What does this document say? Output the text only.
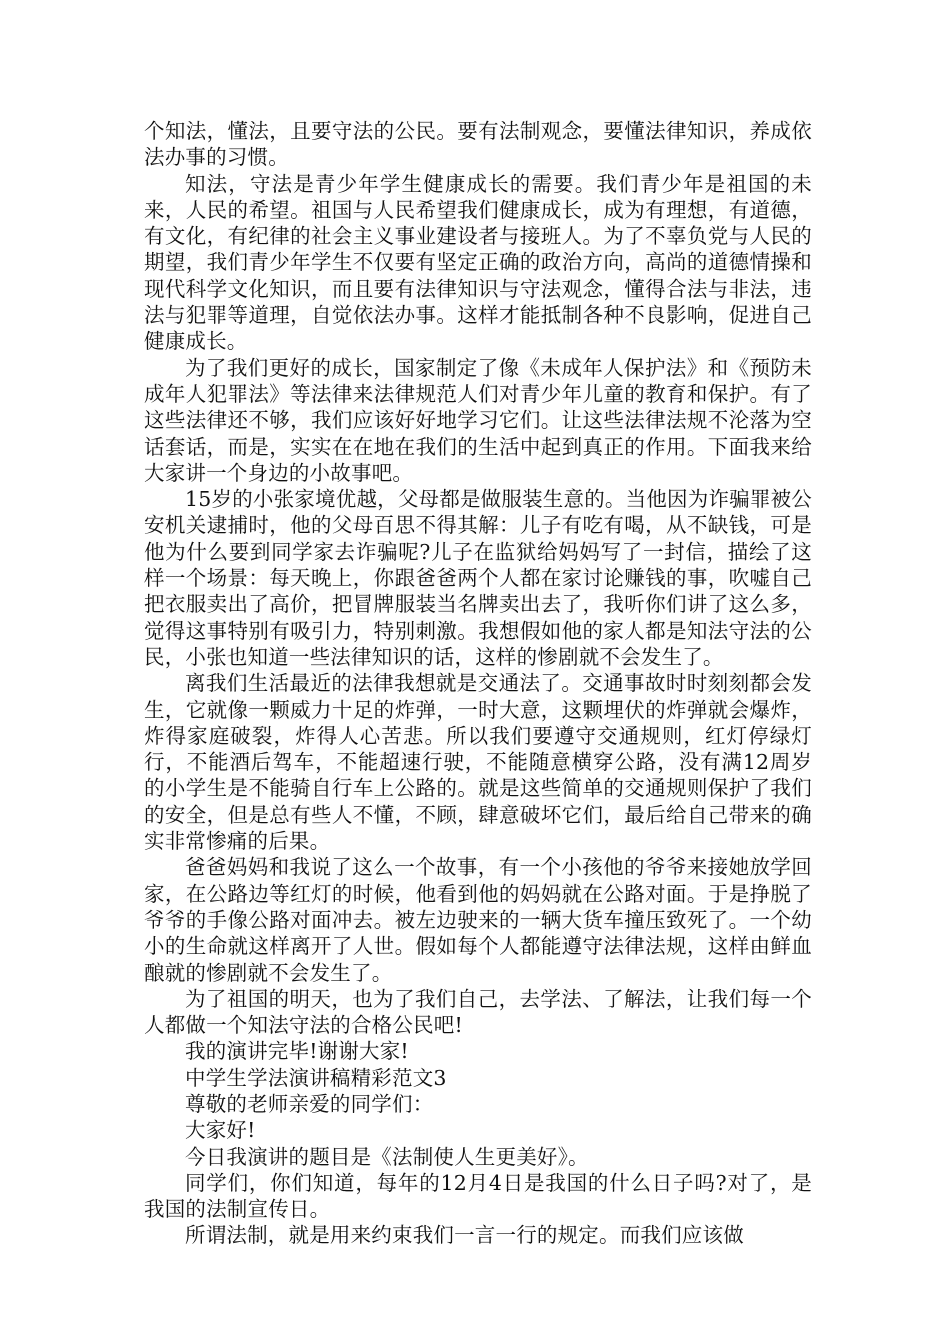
个知法，懂法，且要守法的公民。要有法制观念，要懂法律知识，养成依法办事的习惯。

知法，守法是青少年学生健康成长的需要。我们青少年是祖国的未来，人民的希望。祖国与人民希望我们健康成长，成为有理想，有道德，有文化，有纪律的社会主义事业建设者与接班人。为了不辜负党与人民的期望，我们青少年学生不仅要有坚定正确的政治方向，高尚的道德情操和现代科学文化知识，而且要有法律知识与守法观念，懂得合法与非法，违法与犯罪等道理，自觉依法办事。这样才能抵制各种不良影响，促进自己健康成长。

为了我们更好的成长，国家制定了像《未成年人保护法》和《预防未成年人犯罪法》等法律来法律规范人们对青少年儿童的教育和保护。有了这些法律还不够，我们应该好好地学习它们。让这些法律法规不沦落为空话套话，而是，实实在在地在我们的生活中起到真正的作用。下面我来给大家讲一个身边的小故事吧。

15岁的小张家境优越，父母都是做服装生意的。当他因为诈骗罪被公安机关逮捕时，他的父母百思不得其解：儿子有吃有喝，从不缺钱，可是他为什么要到同学家去诈骗呢?儿子在监狱给妈妈写了一封信，描绘了这样一个场景：每天晚上，你跟爸爸两个人都在家讨论赚钱的事，吹嘘自己把衣服卖出了高价，把冒牌服装当名牌卖出去了，我听你们讲了这么多，觉得这事特别有吸引力，特别刺激。我想假如他的家人都是知法守法的公民，小张也知道一些法律知识的话，这样的惨剧就不会发生了。

离我们生活最近的法律我想就是交通法了。交通事故时时刻刻都会发生，它就像一颗威力十足的炸弹，一时大意，这颗埋伏的炸弹就会爆炸，炸得家庭破裂，炸得人心苦悲。所以我们要遵守交通规则，红灯停绿灯行，不能酒后驾车，不能超速行驶，不能随意横穿公路，没有满12周岁的小学生是不能骑自行车上公路的。就是这些简单的交通规则保护了我们的安全，但是总有些人不懂，不顾，肆意破坏它们，最后给自己带来的确实非常惨痛的后果。

爸爸妈妈和我说了这么一个故事，有一个小孩他的爷爷来接她放学回家，在公路边等红灯的时候，他看到他的妈妈就在公路对面。于是挣脱了爷爷的手像公路对面冲去。被左边驶来的一辆大货车撞压致死了。一个幼小的生命就这样离开了人世。假如每个人都能遵守法律法规，这样由鲜血酿就的惨剧就不会发生了。

为了祖国的明天，也为了我们自己，去学法、了解法，让我们每一个人都做一个知法守法的合格公民吧!

我的演讲完毕!谢谢大家!

中学生学法演讲稿精彩范文3

尊敬的老师亲爱的同学们：

大家好!

今日我演讲的题目是《法制使人生更美好》。

同学们，你们知道，每年的12月4日是我国的什么日子吗?对了，是我国的法制宣传日。

所谓法制，就是用来约束我们一言一行的规定。而我们应该做
